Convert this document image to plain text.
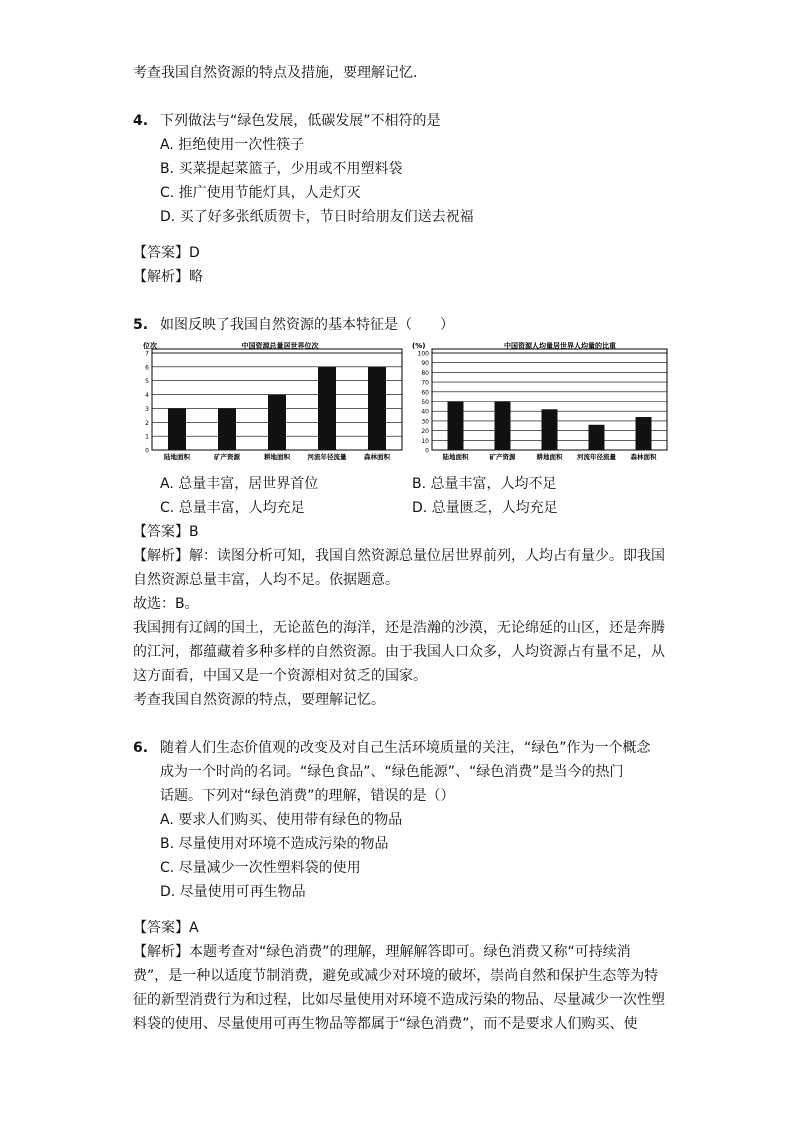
考查我国自然资源的特点及措施，要理解记忆．
4. 下列做法与“绿色发展，低碳发展”不相符的是
A. 拒绝使用一次性筷子
B. 买菜提起菜篮子，少用或不用塑料袋
C. 推广使用节能灯具，人走灯灭
D. 买了好多张纸质贺卡，节日时给朋友们送去祝福
【答案】D
【解析】略
5. 如图反映了我国自然资源的基本特征是（　　）
中国资源总量居世界位次
位次
0
1
2
3
4
5
6
7
陆地面积	矿产资源	耕地面积	河流年径流量	森林面积
中国资源人均量居世界人均量的比重
(%)
0
10
20
30
40
50
60
70
80
90
100
陆地面积	矿产资源	耕地面积 河流年径流量 森林面积
A. 总量丰富，居世界首位	B. 总量丰富，人均不足
C. 总量丰富，人均充足	D. 总量匮乏，人均充足
【答案】B
【解析】解：读图分析可知，我国自然资源总量位居世界前列，人均占有量少。即我国
自然资源总量丰富，人均不足。依据题意。
故选：B。
我国拥有辽阔的国土，无论蓝色的海洋，还是浩瀚的沙漠，无论绵延的山区，还是奔腾
的江河，都蕴藏着多种多样的自然资源。由于我国人口众多，人均资源占有量不足，从
这方面看，中国又是一个资源相对贫乏的国家。
考查我国自然资源的特点，要理解记忆。
6. 随着人们生态价值观的改变及对自己生活环境质量的关注，“绿色”作为一个概念
成为一个时尚的名词。“绿色食品”、“绿色能源”、“绿色消费”是当今的热门
话题。下列对“绿色消费”的理解，错误的是（）
A. 要求人们购买、使用带有绿色的物品
B. 尽量使用对环境不造成污染的物品
C. 尽量减少一次性塑料袋的使用
D. 尽量使用可再生物品
【答案】A
【解析】本题考查对“绿色消费”的理解，理解解答即可。绿色消费又称“可持续消
费”，是一种以适度节制消费，避免或减少对环境的破坏，崇尚自然和保护生态等为特
征的新型消费行为和过程，比如尽量使用对环境不造成污染的物品、尽量减少一次性塑
料袋的使用、尽量使用可再生物品等都属于“绿色消费”，而不是要求人们购买、使
